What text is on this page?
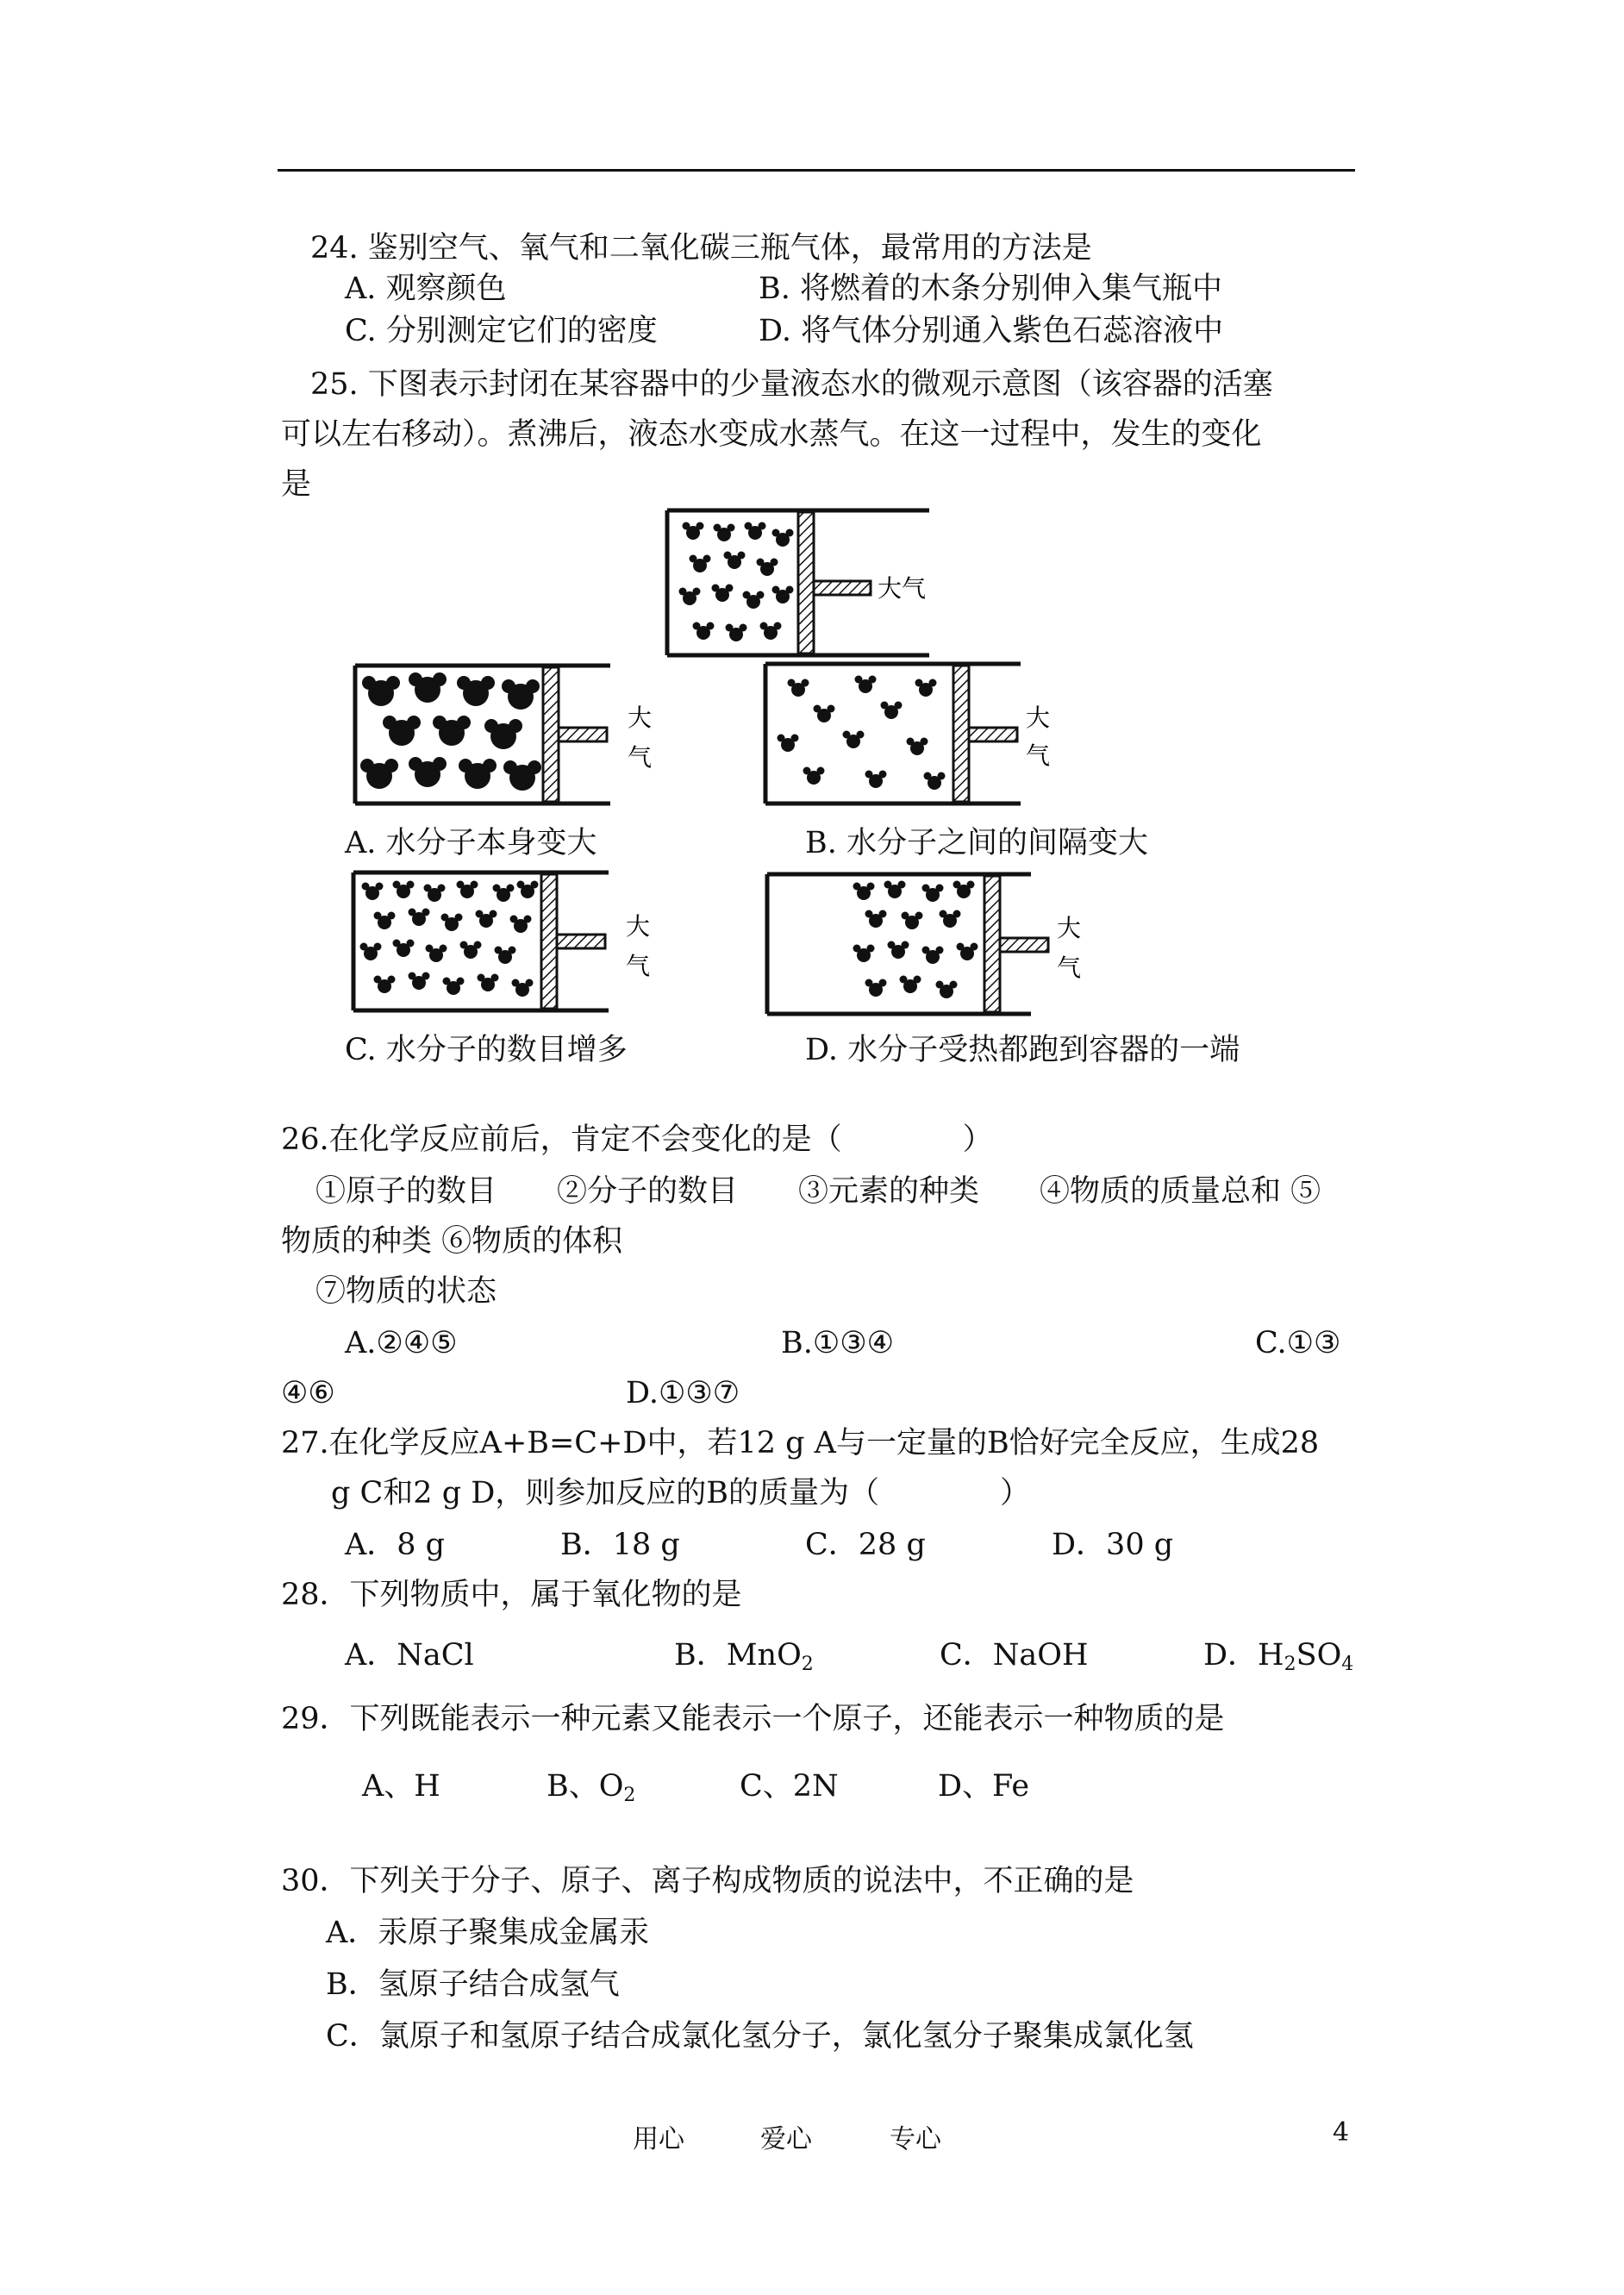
24. 鉴别空气、氧气和二氧化碳三瓶气体，最常用的方法是
A. 观察颜色	B. 将燃着的木条分别伸入集气瓶中
C. 分别测定它们的密度	D. 将气体分别通入紫色石蕊溶液中
25. 下图表示封闭在某容器中的少量液态水的微观示意图（该容器的活塞
可以左右移动）。煮沸后，液态水变成水蒸气。在这一过程中，发生的变化
是
大气
大
气
大
气
A. 水分子本身变大	B. 水分子之间的间隔变大
大
气
大
气
C. 水分子的数目增多	D. 水分子受热都跑到容器的一端
26.在化学反应前后，肯定不会变化的是（　　　　）
①原子的数目　　②分子的数目　　③元素的种类　　④物质的质量总和 ⑤
物质的种类 ⑥物质的体积
⑦物质的状态
A.②④⑤	B.①③④	C.①③
④⑥	D.①③⑦
27.在化学反应A+B=C+D中，若12 g A与一定量的B恰好完全反应，生成28
g C和2 g D，则参加反应的B的质量为（　　　　）
A．8 g	B．18 g	C．28 g	D．30 g
28．下列物质中，属于氧化物的是
A．NaCl	B．MnO$_2$	C．NaOH	D．$H_2SO_4$
29．下列既能表示一种元素又能表示一个原子，还能表示一种物质的是
A、H	B、$O_2$	C、2N	D、Fe
30．下列关于分子、原子、离子构成物质的说法中，不正确的是
A．汞原子聚集成金属汞
B．氢原子结合成氢气
C．氯原子和氢原子结合成氯化氢分子，氯化氢分子聚集成氯化氢
用心	爱心	专心	4
